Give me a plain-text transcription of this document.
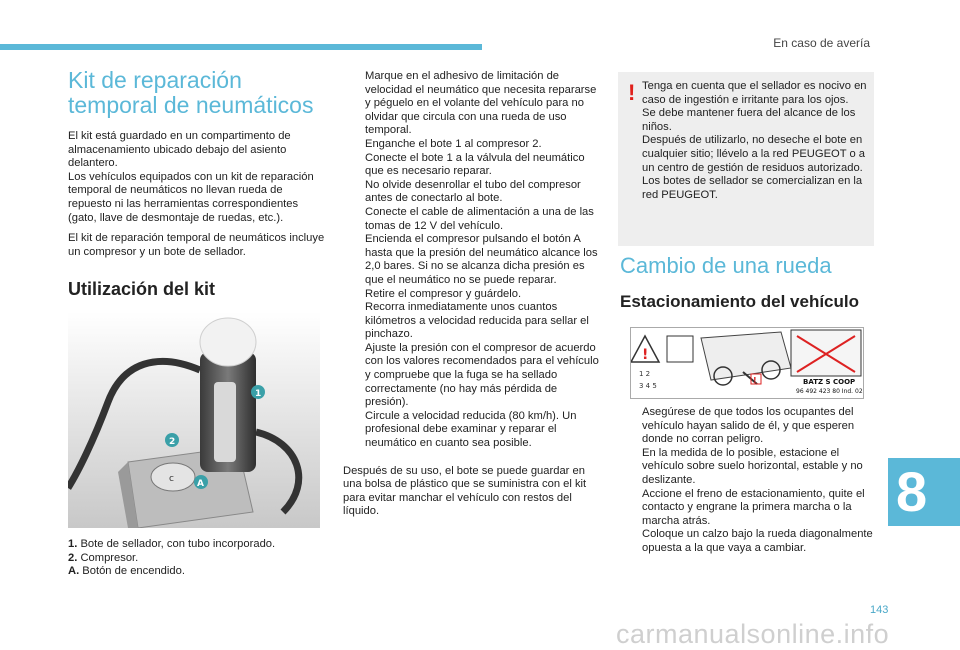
En caso de avería
8
143
carmanualsonline.info
Kit de reparación
temporal de neumáticos

El kit está guardado en un compartimento de almacenamiento ubicado debajo del asiento delantero.
Los vehículos equipados con un kit de reparación temporal de neumáticos no llevan rueda de repuesto ni las herramientas correspondientes (gato, llave de desmontaje de ruedas, etc.).

El kit de reparación temporal de neumáticos incluye un compresor y un bote de sellador.

Utilización del kit
c
1
2
A
1. Bote de sellador, con tubo incorporado.
2. Compresor.
A. Botón de encendido.
Marque en el adhesivo de limitación de velocidad el neumático que necesita repararse y péguelo en el volante del vehículo para no olvidar que circula con una rueda de uso temporal.
Enganche el bote 1 al compresor 2.
Conecte el bote 1 a la válvula del neumático que es necesario reparar.
No olvide desenrollar el tubo del compresor antes de conectarlo al bote.
Conecte el cable de alimentación a una de las tomas de 12 V del vehículo.
Encienda el compresor pulsando el botón A hasta que la presión del neumático alcance los 2,0 bares. Si no se alcanza dicha presión es que el neumático no se puede reparar.
Retire el compresor y guárdelo.
Recorra inmediatamente unos cuantos kilómetros a velocidad reducida para sellar el pinchazo.
Ajuste la presión con el compresor de acuerdo con los valores recomendados para el vehículo y compruebe que la fuga se ha sellado correctamente (no hay más pérdida de presión).
Circule a velocidad reducida (80 km/h). Un profesional debe examinar y reparar el neumático en cuanto sea posible.

Después de su uso, el bote se puede guardar en una bolsa de plástico que se suministra con el kit para evitar manchar el vehículo con restos del líquido.

! Tenga en cuenta que el sellador es nocivo en caso de ingestión e irritante para los ojos.
Se debe mantener fuera del alcance de los niños.
Después de utilizarlo, no deseche el bote en cualquier sitio; llévelo a la red PEUGEOT o a un centro de gestión de residuos autorizado.
Los botes de sellador se comercializan en la red PEUGEOT.
Cambio de una rueda
Estacionamiento del vehículo
!
1 2
3 4 5
!	BATZ S COOP
96 492 423 80 Ind. 02
Asegúrese de que todos los ocupantes del vehículo hayan salido de él, y que esperen donde no corran peligro.
En la medida de lo posible, estacione el vehículo sobre suelo horizontal, estable y no deslizante.
Accione el freno de estacionamiento, quite el contacto y engrane la primera marcha o la marcha atrás.
Coloque un calzo bajo la rueda diagonalmente opuesta a la que vaya a cambiar.
